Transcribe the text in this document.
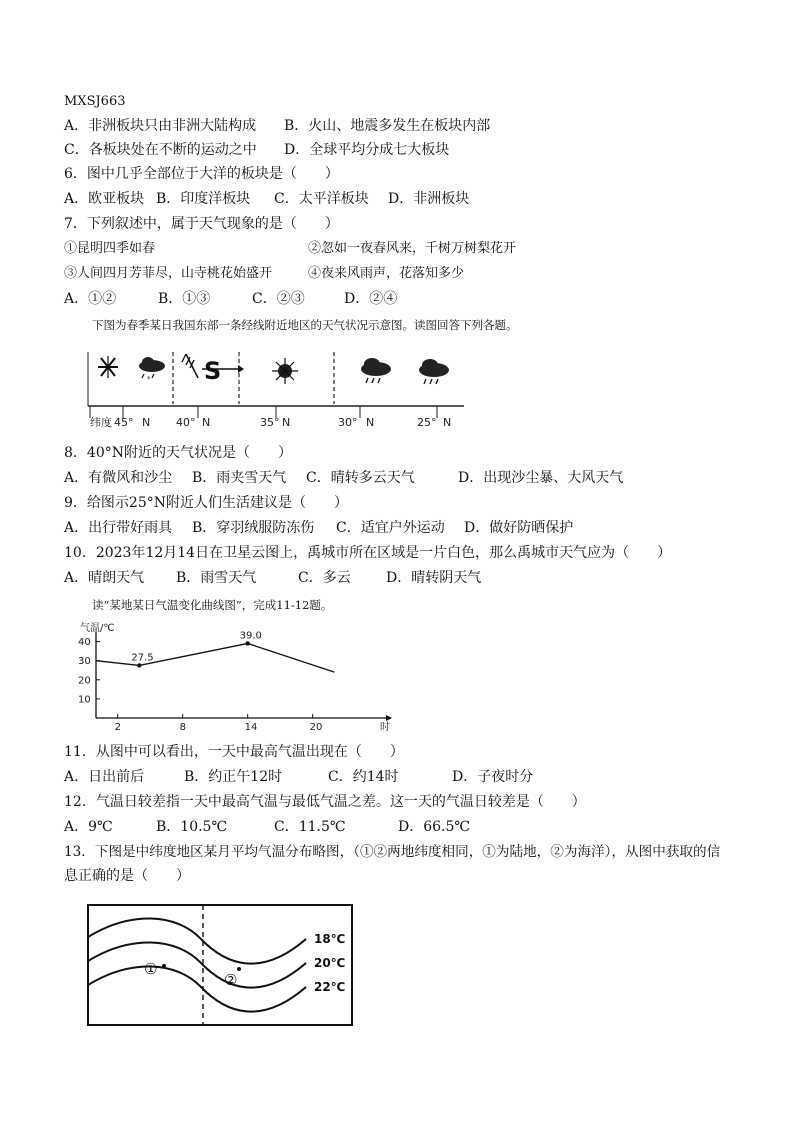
MXSJ663
A．非洲板块只由非洲大陆构成	B．火山、地震多发生在板块内部
C．各板块处在不断的运动之中	D．全球平均分成七大板块
6．图中几乎全部位于大洋的板块是（　　）
A．欧亚板块 B．印度洋板块	C．太平洋板块	D．非洲板块
7．下列叙述中，属于天气现象的是（　　）
①昆明四季如春	②忽如一夜春风来，千树万树梨花开
③人间四月芳菲尽，山寺桃花始盛开	④夜来风雨声，花落知多少
A．①②	B．①③	C．②③	D．②④
下图为春季某日我国东部一条经线附近地区的天气状况示意图。读图回答下列各题。
* S
纬度 45° N 40° N	35° N	30° N	25° N
8．40°N附近的天气状况是（　　）
A．有微风和沙尘	B．雨夹雪天气	C．晴转多云天气	D．出现沙尘暴、大风天气
9．给图示25°N附近人们生活建议是（　　）
A．出行带好雨具	B．穿羽绒服防冻伤	C．适宜户外运动	D．做好防晒保护
10．2023年12月14日在卫星云图上，禹城市所在区域是一片白色，那么禹城市天气应为（　　）
A．晴朗天气	B．雨雪天气	C．多云	D．晴转阴天气
读“某地某日气温变化曲线图”，完成11-12题。
气温/℃
时
10
20
30
40
2	8	14	20
27.5
39.0
11．从图中可以看出，一天中最高气温出现在（　　）
A．日出前后	B．约正午12时	C．约14时	D．子夜时分
12．气温日较差指一天中最高气温与最低气温之差。这一天的气温日较差是（　　）
A．9℃	B．10.5℃	C．11.5℃	D．66.5℃
13．下图是中纬度地区某月平均气温分布略图，（①②两地纬度相同，①为陆地，②为海洋），从图中获取的信
息正确的是（　　）
18℃
20℃
22℃
①
②
